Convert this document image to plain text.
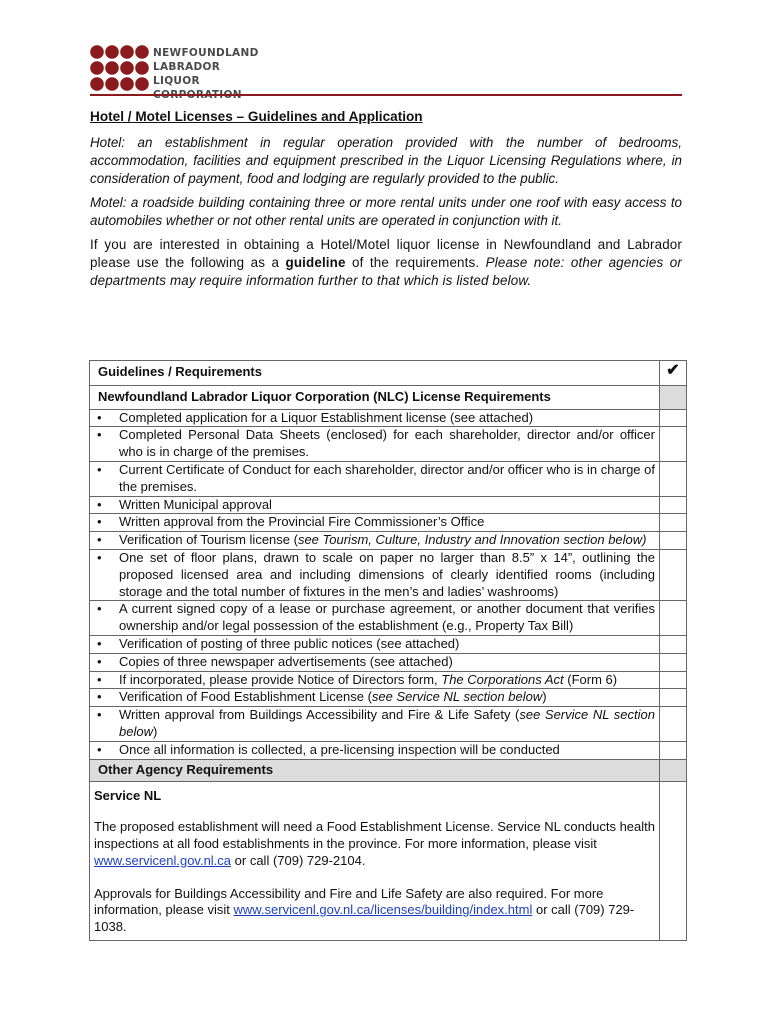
NEWFOUNDLAND
LABRADOR
LIQUOR
Hotel / Motel Licenses – Guidelines and Application

Hotel: an establishment in regular operation provided with the number of bedrooms, accommodation, facilities and equipment prescribed in the Liquor Licensing Regulations where, in consideration of payment, food and lodging are regularly provided to the public.

Motel: a roadside building containing three or more rental units under one roof with easy access to automobiles whether or not other rental units are operated in conjunction with it.

If you are interested in obtaining a Hotel/Motel liquor license in Newfoundland and Labrador please use the following as a guideline of the requirements. Please note: other agencies or departments may require information further to that which is listed below.

Guidelines / Requirements	✔
Newfoundland Labrador Liquor Corporation (NLC) License Requirements	

• Completed application for a Liquor Establishment license (see attached)	

• Completed Personal Data Sheets (enclosed) for each shareholder, director and/or officer who is in charge of the premises.	

• Current Certificate of Conduct for each shareholder, director and/or officer who is in charge of the premises.	

• Written Municipal approval	

• Written approval from the Provincial Fire Commissioner’s Office	

• Verification of Tourism license (see Tourism, Culture, Industry and Innovation section below)	

• One set of floor plans, drawn to scale on paper no larger than 8.5” x 14”, outlining the proposed licensed area and including dimensions of clearly identified rooms (including storage and the total number of fixtures in the men’s and ladies’ washrooms)	

• A current signed copy of a lease or purchase agreement, or another document that verifies ownership and/or legal possession of the establishment (e.g., Property Tax Bill)	

• Verification of posting of three public notices (see attached)	

• Copies of three newspaper advertisements (see attached)	

• If incorporated, please provide Notice of Directors form, The Corporations Act (Form 6)	

• Verification of Food Establishment License (see Service NL section below)	

• Written approval from Buildings Accessibility and Fire & Life Safety (see Service NL section below)	

• Once all information is collected, a pre-licensing inspection will be conducted	

Other Agency Requirements	

Service NL

The proposed establishment will need a Food Establishment License. Service NL conducts health inspections at all food establishments in the province. For more information, please visit www.servicenl.gov.nl.ca or call (709) 729-2104.

Approvals for Buildings Accessibility and Fire and Life Safety are also required. For more information, please visit www.servicenl.gov.nl.ca/licenses/building/index.html or call (709) 729-1038.	
